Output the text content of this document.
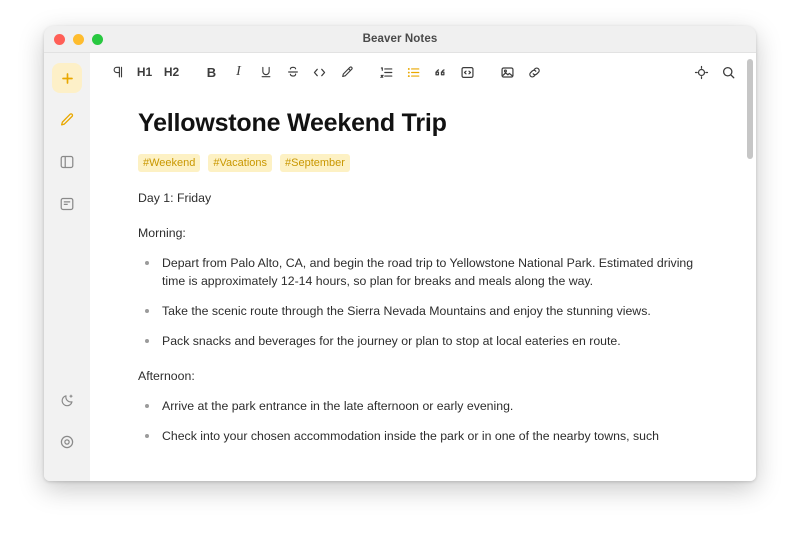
Beaver Notes
H1 H2 B I
Yellowstone Weekend Trip
#Weekend	#Vacations	#September
Day 1: Friday
Morning:
Depart from Palo Alto, CA, and begin the road trip to Yellowstone National Park. Estimated driving time is approximately 12-14 hours, so plan for breaks and meals along the way.
Take the scenic route through the Sierra Nevada Mountains and enjoy the stunning views.
Pack snacks and beverages for the journey or plan to stop at local eateries en route.
Afternoon:
Arrive at the park entrance in the late afternoon or early evening.
Check into your chosen accommodation inside the park or in one of the nearby towns, such
